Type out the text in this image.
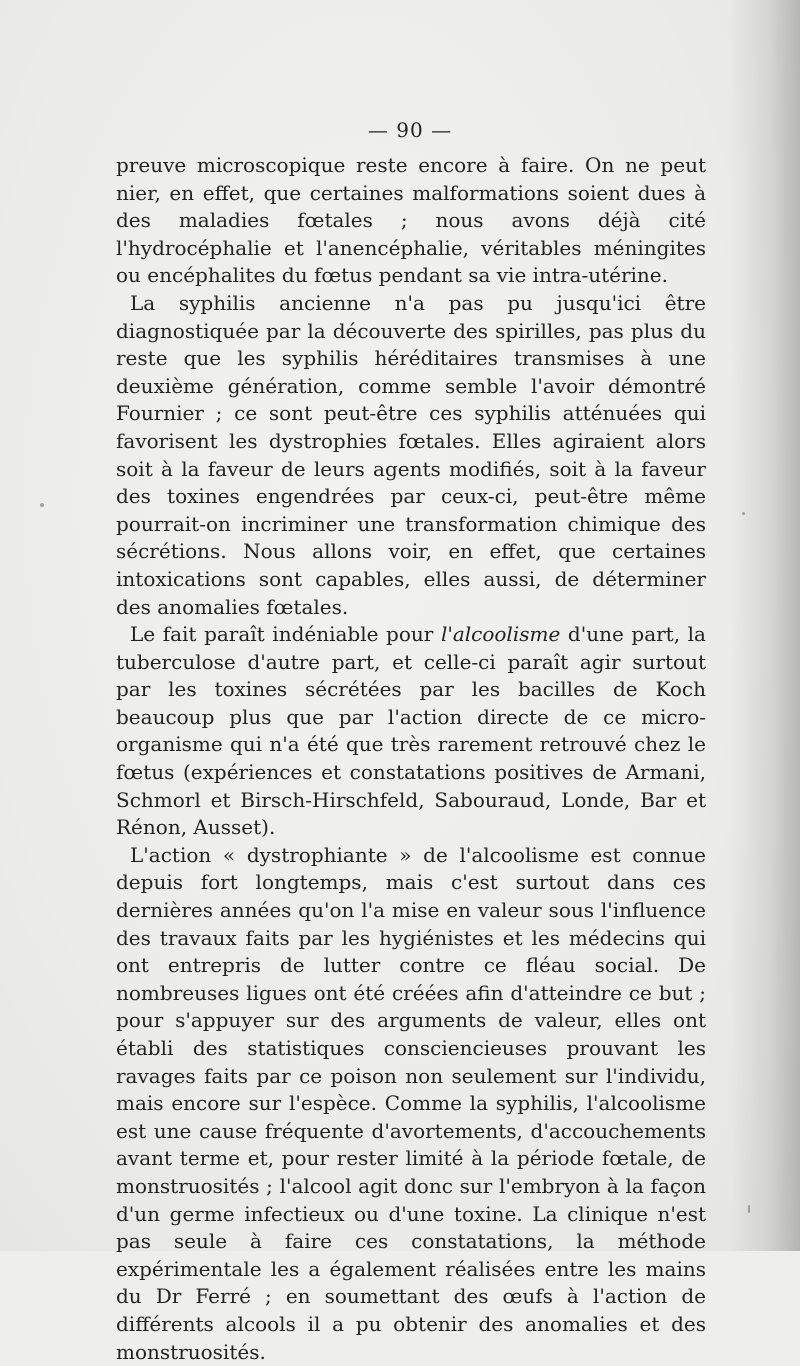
— 90 —

preuve microscopique reste encore à faire. On ne peut nier, en effet, que certaines malformations soient dues à des maladies fœtales ; nous avons déjà cité l'hydrocéphalie et l'anencéphalie, véritables méningites ou encéphalites du fœtus pendant sa vie intra-utérine.

La syphilis ancienne n'a pas pu jusqu'ici être diagnostiquée par la découverte des spirilles, pas plus du reste que les syphilis héréditaires transmises à une deuxième génération, comme semble l'avoir démontré Fournier ; ce sont peut-être ces syphilis atténuées qui favorisent les dystrophies fœtales. Elles agiraient alors soit à la faveur de leurs agents modifiés, soit à la faveur des toxines engendrées par ceux-ci, peut-être même pourrait-on incriminer une transformation chimique des sécrétions. Nous allons voir, en effet, que certaines intoxications sont capables, elles aussi, de déterminer des anomalies fœtales.

Le fait paraît indéniable pour l'alcoolisme d'une part, la tuberculose d'autre part, et celle-ci paraît agir surtout par les toxines sécrétées par les bacilles de Koch beaucoup plus que par l'action directe de ce micro-organisme qui n'a été que très rarement retrouvé chez le fœtus (expériences et constatations positives de Armani, Schmorl et Birsch-Hirschfeld, Sabouraud, Londe, Bar et Rénon, Ausset).

L'action « dystrophiante » de l'alcoolisme est connue depuis fort longtemps, mais c'est surtout dans ces dernières années qu'on l'a mise en valeur sous l'influence des travaux faits par les hygiénistes et les médecins qui ont entrepris de lutter contre ce fléau social. De nombreuses ligues ont été créées afin d'atteindre ce but ; pour s'appuyer sur des arguments de valeur, elles ont établi des statistiques consciencieuses prouvant les ravages faits par ce poison non seulement sur l'individu, mais encore sur l'espèce. Comme la syphilis, l'alcoolisme est une cause fréquente d'avortements, d'accouchements avant terme et, pour rester limité à la période fœtale, de monstruosités ; l'alcool agit donc sur l'embryon à la façon d'un germe infectieux ou d'une toxine. La clinique n'est pas seule à faire ces constatations, la méthode expérimentale les a également réalisées entre les mains du Dr Ferré ; en soumettant des œufs à l'action de différents alcools il a pu obtenir des anomalies et des monstruosités.
